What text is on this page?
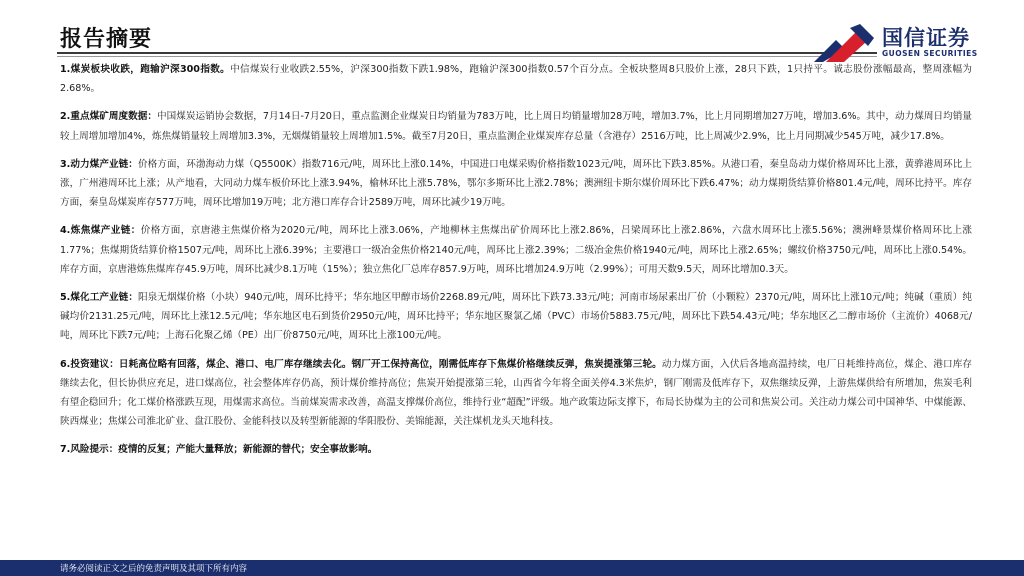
报告摘要	国信证券
GUOSEN SECURITIES

1.煤炭板块收跌，跑输沪深300指数。中信煤炭行业收跌2.55%，沪深300指数下跌1.98%，跑输沪深300指数0.57个百分点。全板块整周8只股价上涨，28只下跌，1只持平。诚志股份涨幅最高，整周涨幅为2.68%。

2.重点煤矿周度数据：中国煤炭运销协会数据，7月14日-7月20日，重点监测企业煤炭日均销量为783万吨，比上周日均销量增加28万吨，增加3.7%，比上月同期增加27万吨，增加3.6%。其中，动力煤周日均销量较上周增加增加4%，炼焦煤销量较上周增加3.3%，无烟煤销量较上周增加1.5%。截至7月20日，重点监测企业煤炭库存总量（含港存）2516万吨，比上周减少2.9%，比上月同期减少545万吨，减少17.8%。

3.动力煤产业链：价格方面，环渤海动力煤（Q5500K）指数716元/吨，周环比上涨0.14%，中国进口电煤采购价格指数1023元/吨，周环比下跌3.85%。从港口看，秦皇岛动力煤价格周环比上涨，黄骅港周环比上涨，广州港周环比上涨；从产地看，大同动力煤车板价环比上涨3.94%，榆林环比上涨5.78%，鄂尔多斯环比上涨2.78%；澳洲纽卡斯尔煤价周环比下跌6.47%；动力煤期货结算价格801.4元/吨，周环比持平。库存方面，秦皇岛煤炭库存577万吨，周环比增加19万吨；北方港口库存合计2589万吨，周环比减少19万吨。

4.炼焦煤产业链：价格方面，京唐港主焦煤价格为2020元/吨，周环比上涨3.06%，产地柳林主焦煤出矿价周环比上涨2.86%，吕梁周环比上涨2.86%，六盘水周环比上涨5.56%；澳洲峰景煤价格周环比上涨1.77%；焦煤期货结算价格1507元/吨，周环比上涨6.39%；主要港口一级冶金焦价格2140元/吨，周环比上涨2.39%；二级冶金焦价格1940元/吨，周环比上涨2.65%；螺纹价格3750元/吨，周环比上涨0.54%。库存方面，京唐港炼焦煤库存45.9万吨，周环比减少8.1万吨（15%）；独立焦化厂总库存857.9万吨，周环比增加24.9万吨（2.99%）；可用天数9.5天，周环比增加0.3天。

5.煤化工产业链：阳泉无烟煤价格（小块）940元/吨，周环比持平；华东地区甲醇市场价2268.89元/吨，周环比下跌73.33元/吨；河南市场尿素出厂价（小颗粒）2370元/吨，周环比上涨10元/吨；纯碱（重质）纯碱均价2131.25元/吨，周环比上涨12.5元/吨；华东地区电石到货价2950元/吨，周环比持平；华东地区聚氯乙烯（PVC）市场价5883.75元/吨，周环比下跌54.43元/吨；华东地区乙二醇市场价（主流价）4068元/吨，周环比下跌7元/吨；上海石化聚乙烯（PE）出厂价8750元/吨，周环比上涨100元/吨。

6.投资建议：日耗高位略有回落，煤企、港口、电厂库存继续去化。钢厂开工保持高位，刚需低库存下焦煤价格继续反弹，焦炭提涨第三轮。动力煤方面，入伏后各地高温持续，电厂日耗维持高位，煤企、港口库存继续去化，但长协供应充足，进口煤高位，社会整体库存仍高，预计煤价维持高位；焦炭开始提涨第三轮，山西省今年将全面关停4.3米焦炉，钢厂刚需及低库存下，双焦继续反弹，上游焦煤供给有所增加，焦炭毛利有望企稳回升；化工煤价格涨跌互现，用煤需求高位。当前煤炭需求改善，高温支撑煤价高位，维持行业“超配”评级。地产政策边际支撑下，布局长协煤为主的公司和焦炭公司。关注动力煤公司中国神华、中煤能源、陕西煤业；焦煤公司淮北矿业、盘江股份、金能科技以及转型新能源的华阳股份、美锦能源，关注煤机龙头天地科技。

7.风险提示：疫情的反复；产能大量释放；新能源的替代；安全事故影响。

请务必阅读正文之后的免责声明及其项下所有内容
